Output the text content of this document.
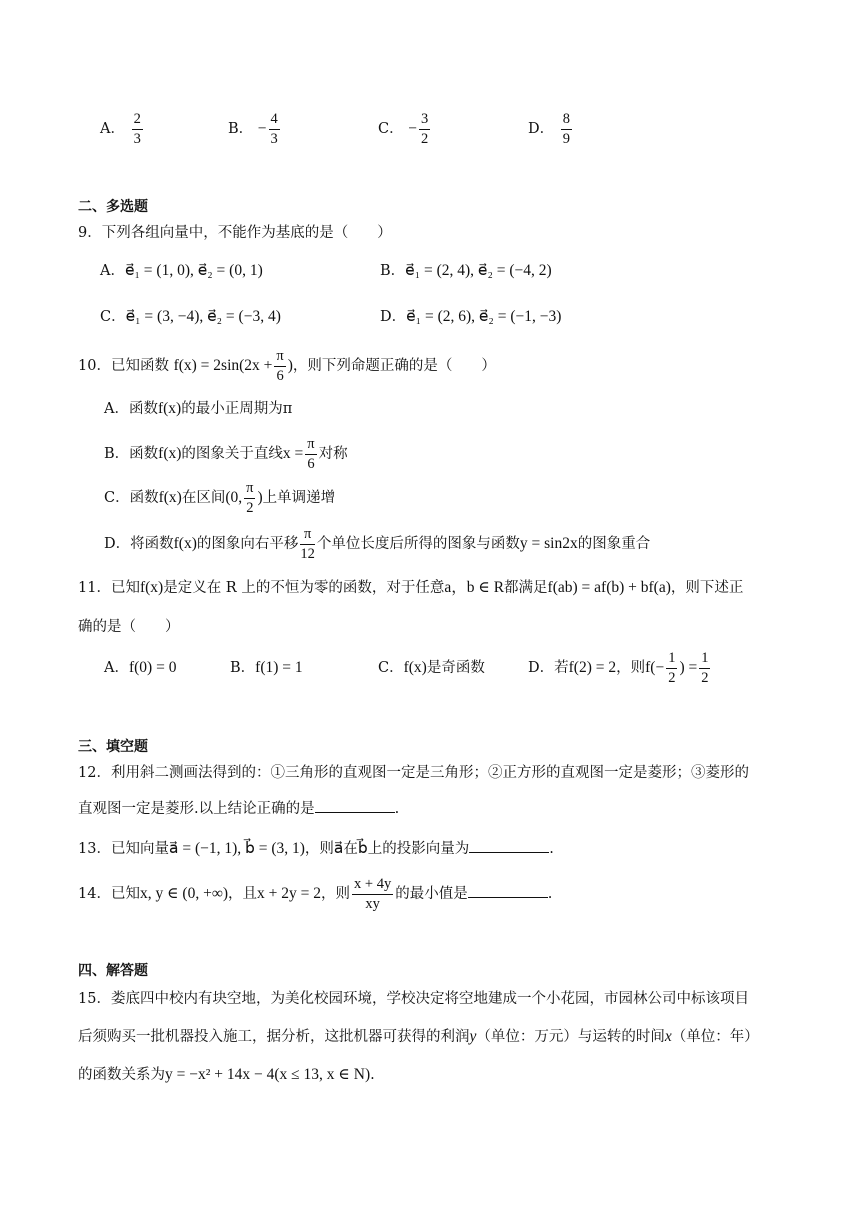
A． $\frac{2}{3}$	B． − $\frac{4}{3}$	C． − $\frac{3}{2}$	D． $\frac{8}{9}$
二、多选题
9．下列各组向量中，不能作为基底的是（　　）
A．e⃗₁ = (1, 0), e⃗₂ = (0, 1)	B．e⃗₁ = (2, 4), e⃗₂ = (−4, 2)
C．e⃗₁ = (3, −4), e⃗₂ = (−3, 4)	D．e⃗₁ = (2, 6), e⃗₂ = (−1, −3)
10．已知函数 $f(x) = 2\sin(2x + \frac{\pi}{6}$ )，则下列命题正确的是（　　）
A．函数f(x)的最小正周期为π
B．函数f(x)的图象关于直线$x = \frac{\pi}{6}$ 对称
C．函数f(x)在区间(0, $\frac{\pi}{2}$ )上单调递增
D．将函数f(x)的图象向右平移 $\frac{\pi}{12}$ 个单位长度后所得的图象与函数y = sin2x的图象重合
11．已知f(x)是定义在 R 上的不恒为零的函数，对于任意a，b ∈ R都满足f(ab) = af(b) + bf(a)，则下述正
确的是（　　）
A．f(0) = 0	B．f(1) = 1	C．f(x)是奇函数	D．若f(2) = 2，则$f(- \frac{1}{2}$ ) = $\frac{1}{2}$
三、填空题
12．利用斜二测画法得到的：①三角形的直观图一定是三角形；②正方形的直观图一定是菱形；③菱形的
直观图一定是菱形.以上结论正确的是	.
13．已知向量a⃗ = (−1, 1), b⃗ = (3, 1)，则a⃗在b⃗上的投影向量为	.
14．已知x, y ∈ (0, +∞)，且x + 2y = 2，则 $\frac{x + 4y}{xy}$ 的最小值是	.
四、解答题
15．娄底四中校内有块空地，为美化校园环境，学校决定将空地建成一个小花园，市园林公司中标该项目
后须购买一批机器投入施工，据分析，这批机器可获得的利润y（单位：万元）与运转的时间x（单位：年）
的函数关系为y = −x² + 14x − 4(x ≤ 13, x ∈ N).
